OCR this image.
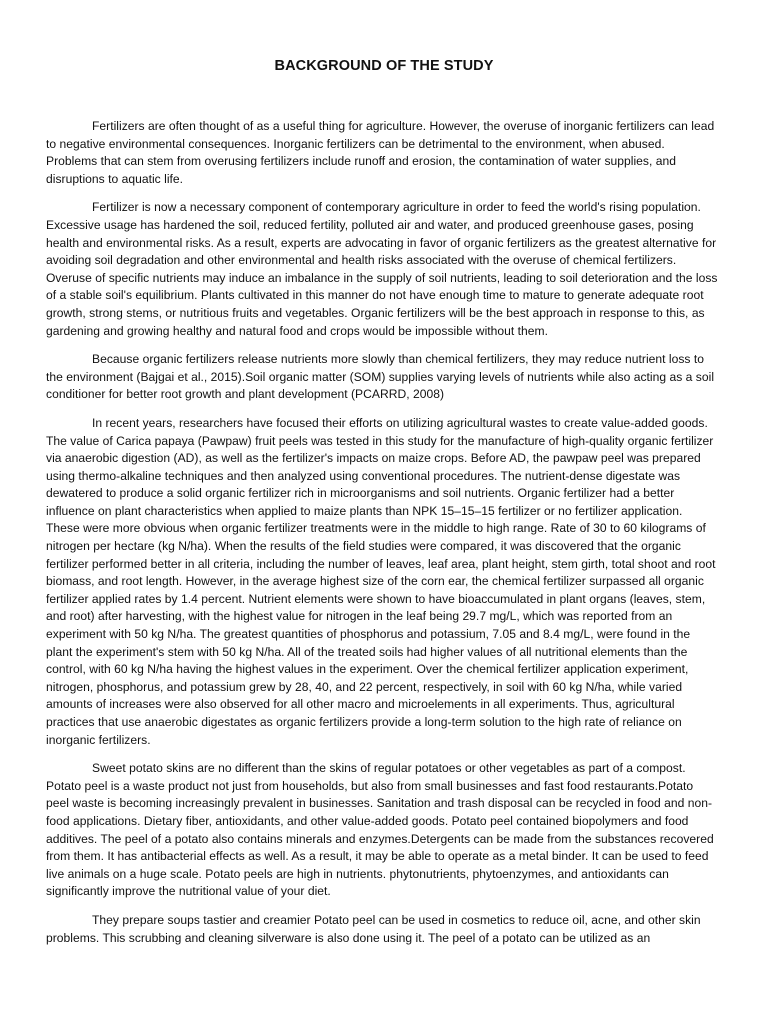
BACKGROUND OF THE STUDY

Fertilizers are often thought of as a useful thing for agriculture. However, the overuse of inorganic fertilizers can lead to negative environmental consequences. Inorganic fertilizers can be detrimental to the environment, when abused. Problems that can stem from overusing fertilizers include runoff and erosion, the contamination of water supplies, and disruptions to aquatic life.

Fertilizer is now a necessary component of contemporary agriculture in order to feed the world's rising population. Excessive usage has hardened the soil, reduced fertility, polluted air and water, and produced greenhouse gases, posing health and environmental risks. As a result, experts are advocating in favor of organic fertilizers as the greatest alternative for avoiding soil degradation and other environmental and health risks associated with the overuse of chemical fertilizers. Overuse of specific nutrients may induce an imbalance in the supply of soil nutrients, leading to soil deterioration and the loss of a stable soil's equilibrium. Plants cultivated in this manner do not have enough time to mature to generate adequate root growth, strong stems, or nutritious fruits and vegetables. Organic fertilizers will be the best approach in response to this, as gardening and growing healthy and natural food and crops would be impossible without them.

Because organic fertilizers release nutrients more slowly than chemical fertilizers, they may reduce nutrient loss to the environment (Bajgai et al., 2015).Soil organic matter (SOM) supplies varying levels of nutrients while also acting as a soil conditioner for better root growth and plant development (PCARRD, 2008)

In recent years, researchers have focused their efforts on utilizing agricultural wastes to create value-added goods. The value of Carica papaya (Pawpaw) fruit peels was tested in this study for the manufacture of high-quality organic fertilizer via anaerobic digestion (AD), as well as the fertilizer's impacts on maize crops. Before AD, the pawpaw peel was prepared using thermo-alkaline techniques and then analyzed using conventional procedures. The nutrient-dense digestate was dewatered to produce a solid organic fertilizer rich in microorganisms and soil nutrients. Organic fertilizer had a better influence on plant characteristics when applied to maize plants than NPK 15–15–15 fertilizer or no fertilizer application. These were more obvious when organic fertilizer treatments were in the middle to high range. Rate of 30 to 60 kilograms of nitrogen per hectare (kg N/ha). When the results of the field studies were compared, it was discovered that the organic fertilizer performed better in all criteria, including the number of leaves, leaf area, plant height, stem girth, total shoot and root biomass, and root length. However, in the average highest size of the corn ear, the chemical fertilizer surpassed all organic fertilizer applied rates by 1.4 percent. Nutrient elements were shown to have bioaccumulated in plant organs (leaves, stem, and root) after harvesting, with the highest value for nitrogen in the leaf being 29.7 mg/L, which was reported from an experiment with 50 kg N/ha. The greatest quantities of phosphorus and potassium, 7.05 and 8.4 mg/L, were found in the plant the experiment's stem with 50 kg N/ha. All of the treated soils had higher values of all nutritional elements than the control, with 60 kg N/ha having the highest values in the experiment. Over the chemical fertilizer application experiment, nitrogen, phosphorus, and potassium grew by 28, 40, and 22 percent, respectively, in soil with 60 kg N/ha, while varied amounts of increases were also observed for all other macro and microelements in all experiments. Thus, agricultural practices that use anaerobic digestates as organic fertilizers provide a long-term solution to the high rate of reliance on inorganic fertilizers.

Sweet potato skins are no different than the skins of regular potatoes or other vegetables as part of a compost. Potato peel is a waste product not just from households, but also from small businesses and fast food restaurants.Potato peel waste is becoming increasingly prevalent in businesses. Sanitation and trash disposal can be recycled in food and non-food applications. Dietary fiber, antioxidants, and other value-added goods. Potato peel contained biopolymers and food additives. The peel of a potato also contains minerals and enzymes.Detergents can be made from the substances recovered from them. It has antibacterial effects as well. As a result, it may be able to operate as a metal binder. It can be used to feed live animals on a huge scale. Potato peels are high in nutrients. phytonutrients, phytoenzymes, and antioxidants can significantly improve the nutritional value of your diet.

They prepare soups tastier and creamier Potato peel can be used in cosmetics to reduce oil, acne, and other skin problems. This scrubbing and cleaning silverware is also done using it. The peel of a potato can be utilized as an
